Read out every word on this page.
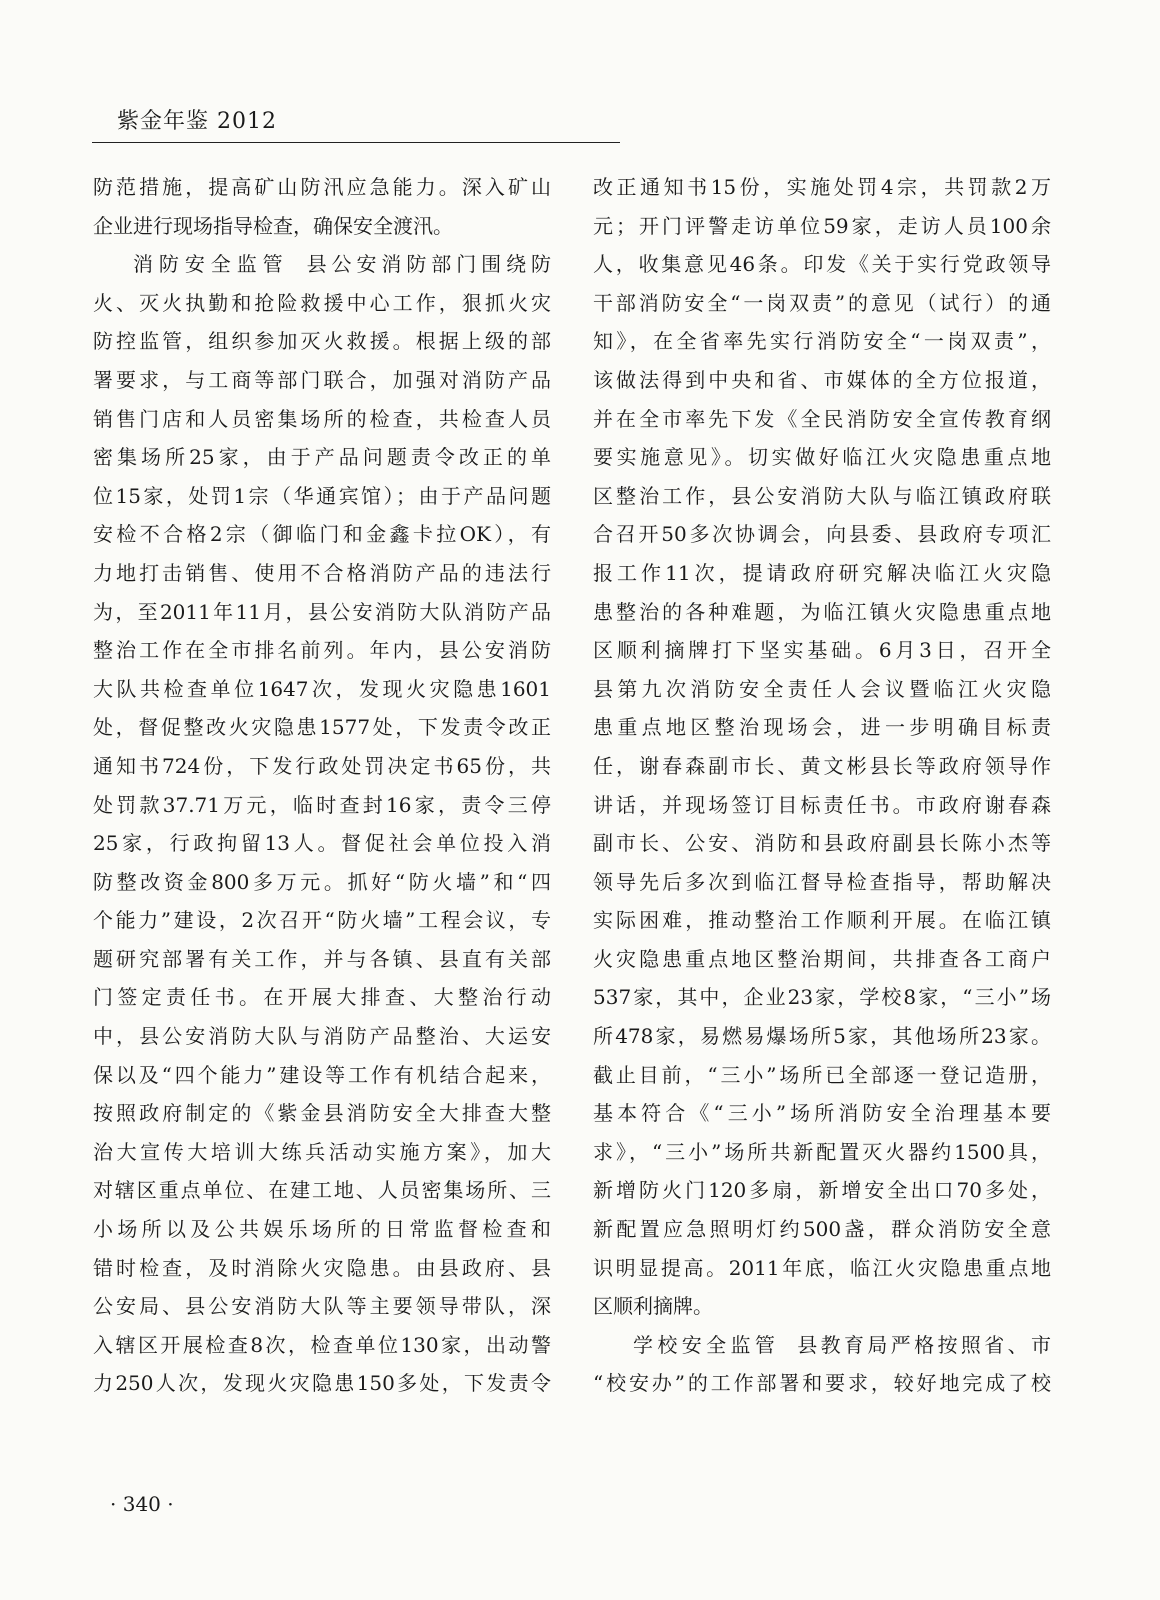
紫金年鉴 2012
防范措施，提高矿山防汛应急能力。深入矿山
企业进行现场指导检查，确保安全渡汛。
消防安全监管 县公安消防部门围绕防
火、灭火执勤和抢险救援中心工作，狠抓火灾
防控监管，组织参加灭火救援。根据上级的部
署要求，与工商等部门联合，加强对消防产品
销售门店和人员密集场所的检查，共检查人员
密集场所25家，由于产品问题责令改正的单
位15家，处罚1宗（华通宾馆）；由于产品问题
安检不合格2宗（御临门和金鑫卡拉OK），有
力地打击销售、使用不合格消防产品的违法行
为，至2011年11月，县公安消防大队消防产品
整治工作在全市排名前列。年内，县公安消防
大队共检查单位1647次，发现火灾隐患1601
处，督促整改火灾隐患1577处，下发责令改正
通知书724份，下发行政处罚决定书65份，共
处罚款37.71万元，临时查封16家，责令三停
25家，行政拘留13人。督促社会单位投入消
防整改资金800多万元。抓好“防火墙”和“四
个能力”建设，2次召开“防火墙”工程会议，专
题研究部署有关工作，并与各镇、县直有关部
门签定责任书。在开展大排查、大整治行动
中，县公安消防大队与消防产品整治、大运安
保以及“四个能力”建设等工作有机结合起来，
按照政府制定的《紫金县消防安全大排查大整
治大宣传大培训大练兵活动实施方案》，加大
对辖区重点单位、在建工地、人员密集场所、三
小场所以及公共娱乐场所的日常监督检查和
错时检查，及时消除火灾隐患。由县政府、县
公安局、县公安消防大队等主要领导带队，深
入辖区开展检查8次，检查单位130家，出动警
力250人次，发现火灾隐患150多处，下发责令
改正通知书15份，实施处罚4宗，共罚款2万
元；开门评警走访单位59家，走访人员100余
人，收集意见46条。印发《关于实行党政领导
干部消防安全“一岗双责”的意见（试行）的通
知》，在全省率先实行消防安全“一岗双责”，
该做法得到中央和省、市媒体的全方位报道，
并在全市率先下发《全民消防安全宣传教育纲
要实施意见》。切实做好临江火灾隐患重点地
区整治工作，县公安消防大队与临江镇政府联
合召开50多次协调会，向县委、县政府专项汇
报工作11次，提请政府研究解决临江火灾隐
患整治的各种难题，为临江镇火灾隐患重点地
区顺利摘牌打下坚实基础。6月3日，召开全
县第九次消防安全责任人会议暨临江火灾隐
患重点地区整治现场会，进一步明确目标责
任，谢春森副市长、黄文彬县长等政府领导作
讲话，并现场签订目标责任书。市政府谢春森
副市长、公安、消防和县政府副县长陈小杰等
领导先后多次到临江督导检查指导，帮助解决
实际困难，推动整治工作顺利开展。在临江镇
火灾隐患重点地区整治期间，共排查各工商户
537家，其中，企业23家，学校8家，“三小”场
所478家，易燃易爆场所5家，其他场所23家。
截止目前，“三小”场所已全部逐一登记造册，
基本符合《“三小”场所消防安全治理基本要
求》，“三小”场所共新配置灭火器约1500具，
新增防火门120多扇，新增安全出口70多处，
新配置应急照明灯约500盏，群众消防安全意
识明显提高。2011年底，临江火灾隐患重点地
区顺利摘牌。
学校安全监管 县教育局严格按照省、市
“校安办”的工作部署和要求，较好地完成了校
· 340 ·
